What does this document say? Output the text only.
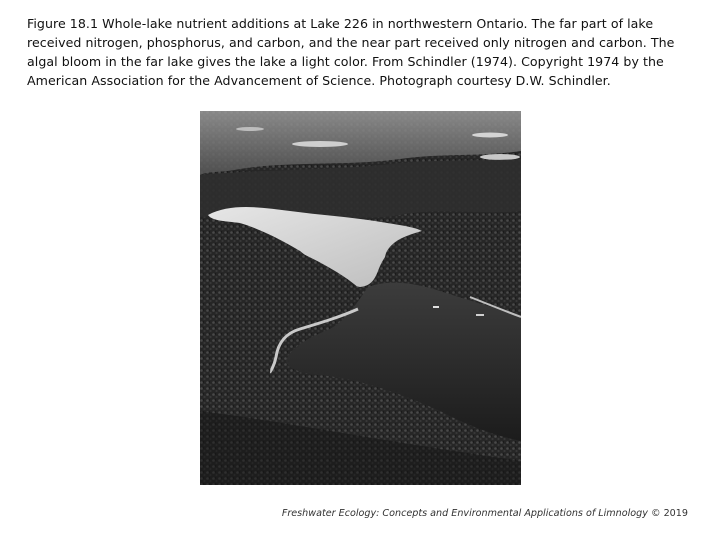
Figure 18.1 Whole-lake nutrient additions at Lake 226 in northwestern Ontario. The far part of lake received nitrogen, phosphorus, and carbon, and the near part received only nitrogen and carbon. The algal bloom in the far lake gives the lake a light color. From Schindler (1974). Copyright 1974 by the American Association for the Advancement of Science. Photograph courtesy D.W. Schindler.
Freshwater Ecology: Concepts and Environmental Applications of Limnology © 2019
